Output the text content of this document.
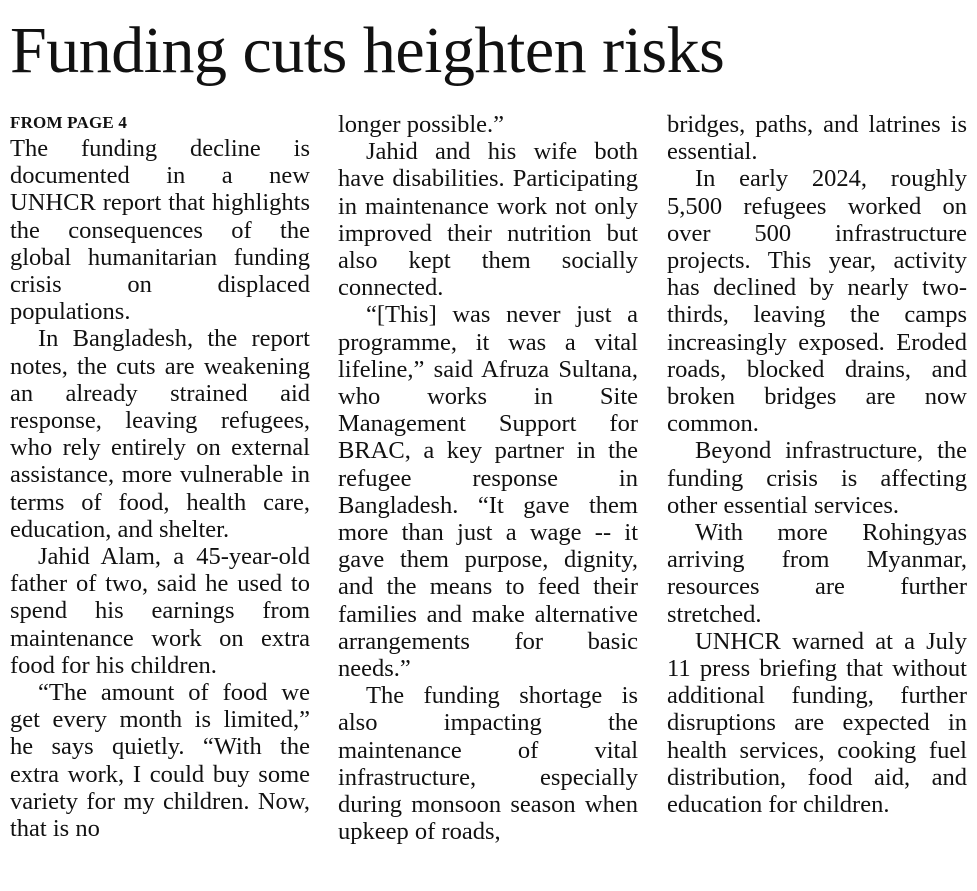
Funding cuts heighten risks
FROM PAGE 4

The funding decline is documented in a new UNHCR report that highlights the consequences of the global humanitarian funding crisis on displaced populations.

In Bangladesh, the report notes, the cuts are weakening an already strained aid response, leaving refugees, who rely entirely on external assistance, more vulnerable in terms of food, health care, education, and shelter.

Jahid Alam, a 45-year-old father of two, said he used to spend his earnings from maintenance work on extra food for his children.

“The amount of food we get every month is limited,” he says quietly. “With the extra work, I could buy some variety for my children. Now, that is no

longer possible.”

Jahid and his wife both have disabilities. Participating in maintenance work not only improved their nutrition but also kept them socially connected.

“[This] was never just a programme, it was a vital lifeline,” said Afruza Sultana, who works in Site Management Support for BRAC, a key partner in the refugee response in Bangladesh. “It gave them more than just a wage -- it gave them purpose, dignity, and the means to feed their families and make alternative arrangements for basic needs.”

The funding shortage is also impacting the maintenance of vital infrastructure, especially during monsoon season when upkeep of roads,

bridges, paths, and latrines is essential.

In early 2024, roughly 5,500 refugees worked on over 500 infrastructure projects. This year, activity has declined by nearly two-thirds, leaving the camps increasingly exposed. Eroded roads, blocked drains, and broken bridges are now common.

Beyond infrastructure, the funding crisis is affecting other essential services.

With more Rohingyas arriving from Myanmar, resources are further stretched.

UNHCR warned at a July 11 press briefing that without additional funding, further disruptions are expected in health services, cooking fuel distribution, food aid, and education for children.
